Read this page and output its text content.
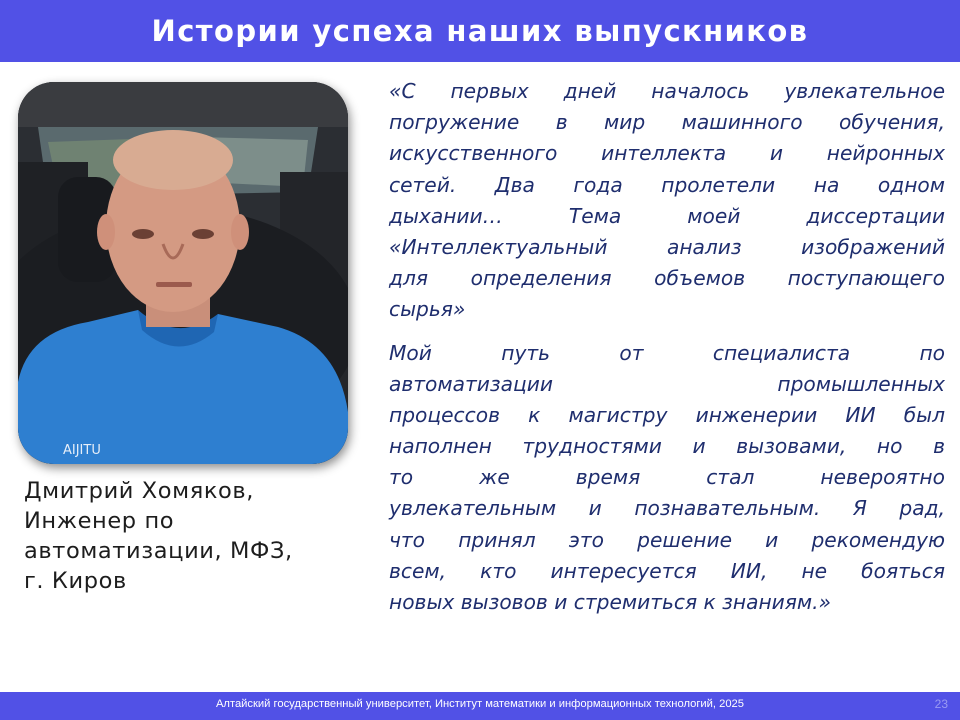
Истории успеха наших выпускников
AIJITU
Дмитрий Хомяков,
Инженер по
автоматизации, МФЗ,
г. Киров
«С первых дней началось увлекательное
погружение в мир машинного обучения,
искусственного интеллекта и нейронных
сетей. Два года пролетели на одном
дыхании… Тема моей диссертации
«Интеллектуальный анализ изображений
для определения объемов поступающего
сырья»
Мой путь от специалиста по
автоматизации промышленных
процессов к магистру инженерии ИИ был
наполнен трудностями и вызовами, но в
то же время стал невероятно
увлекательным и познавательным. Я рад,
что принял это решение и рекомендую
всем, кто интересуется ИИ, не бояться
новых вызовов и стремиться к знаниям.»
Алтайский государственный университет, Институт математики и информационных технологий, 2025	23
